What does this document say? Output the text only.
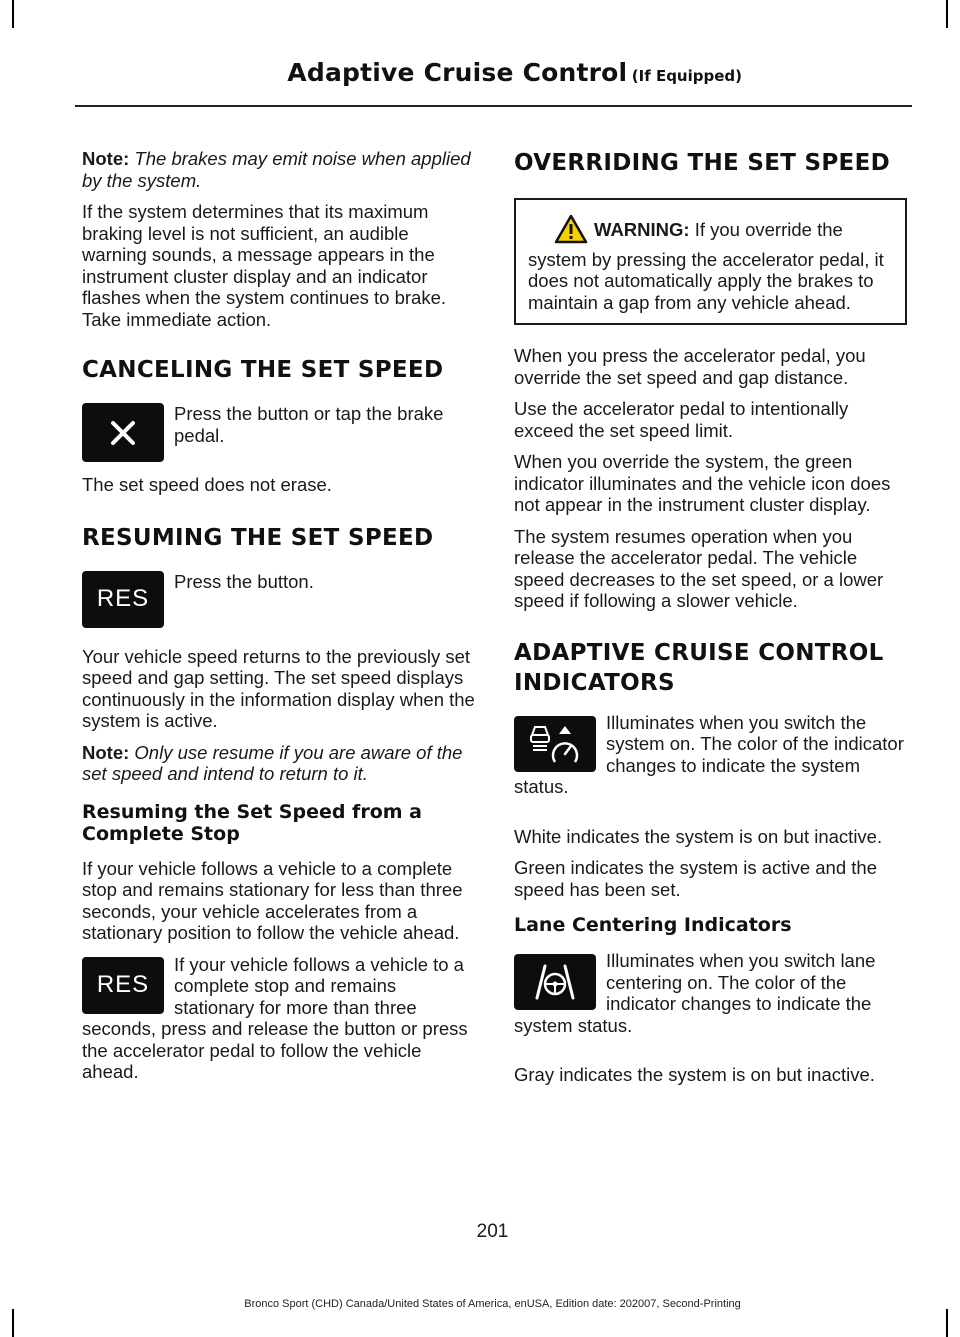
Adaptive Cruise Control (If Equipped)

Note: The brakes may emit noise when applied by the system.

If the system determines that its maximum braking level is not sufficient, an audible warning sounds, a message appears in the instrument cluster display and an indicator flashes when the system continues to brake. Take immediate action.

CANCELING THE SET SPEED

Press the button or tap the brake pedal.

The set speed does not erase.

RESUMING THE SET SPEED
RES

Press the button.

Your vehicle speed returns to the previously set speed and gap setting. The set speed displays continuously in the information display when the system is active.

Note: Only use resume if you are aware of the set speed and intend to return to it.

Resuming the Set Speed from a Complete Stop

If your vehicle follows a vehicle to a complete stop and remains stationary for less than three seconds, your vehicle accelerates from a stationary position to follow the vehicle ahead.

RES

If your vehicle follows a vehicle to a complete stop and remains stationary for more than three seconds, press and release the button or press the accelerator pedal to follow the vehicle ahead.

OVERRIDING THE SET SPEED

WARNING: If you override the system by pressing the accelerator pedal, it does not automatically apply the brakes to maintain a gap from any vehicle ahead.

When you press the accelerator pedal, you override the set speed and gap distance.

Use the accelerator pedal to intentionally exceed the set speed limit.

When you override the system, the green indicator illuminates and the vehicle icon does not appear in the instrument cluster display.

The system resumes operation when you release the accelerator pedal. The vehicle speed decreases to the set speed, or a lower speed if following a slower vehicle.

ADAPTIVE CRUISE CONTROL
INDICATORS

Illuminates when you switch the system on. The color of the indicator changes to indicate the system status.

White indicates the system is on but inactive.

Green indicates the system is active and the speed has been set.

Lane Centering Indicators

Illuminates when you switch lane centering on. The color of the indicator changes to indicate the system status.

Gray indicates the system is on but inactive.

201
Bronco Sport (CHD) Canada/United States of America, enUSA, Edition date: 202007, Second-Printing
